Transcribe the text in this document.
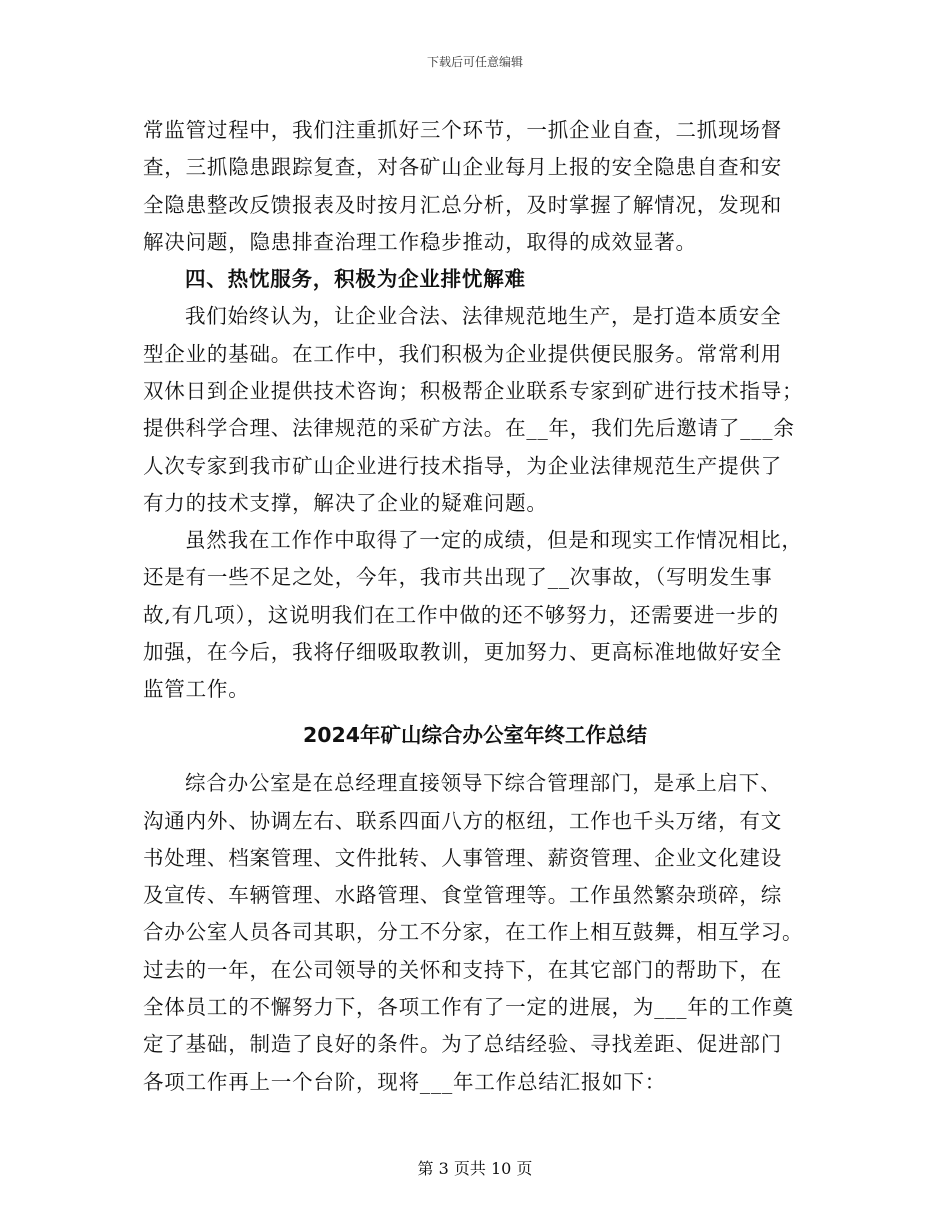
下载后可任意编辑
常监管过程中，我们注重抓好三个环节，一抓企业自查，二抓现场督
查，三抓隐患跟踪复查，对各矿山企业每月上报的安全隐患自查和安
全隐患整改反馈报表及时按月汇总分析，及时掌握了解情况，发现和
解决问题，隐患排查治理工作稳步推动，取得的成效显著。
四、热忱服务，积极为企业排忧解难
我们始终认为，让企业合法、法律规范地生产，是打造本质安全
型企业的基础。在工作中，我们积极为企业提供便民服务。常常利用
双休日到企业提供技术咨询；积极帮企业联系专家到矿进行技术指导；
提供科学合理、法律规范的采矿方法。在__年，我们先后邀请了___余
人次专家到我市矿山企业进行技术指导，为企业法律规范生产提供了
有力的技术支撑，解决了企业的疑难问题。
虽然我在工作作中取得了一定的成绩，但是和现实工作情况相比，
还是有一些不足之处，今年，我市共出现了__次事故，（写明发生事
故,有几项），这说明我们在工作中做的还不够努力，还需要进一步的
加强，在今后，我将仔细吸取教训，更加努力、更高标准地做好安全
监管工作。
2024年矿山综合办公室年终工作总结
综合办公室是在总经理直接领导下综合管理部门，是承上启下、
沟通内外、协调左右、联系四面八方的枢纽，工作也千头万绪，有文
书处理、档案管理、文件批转、人事管理、薪资管理、企业文化建设
及宣传、车辆管理、水路管理、食堂管理等。工作虽然繁杂琐碎，综
合办公室人员各司其职，分工不分家，在工作上相互鼓舞，相互学习。
过去的一年，在公司领导的关怀和支持下，在其它部门的帮助下，在
全体员工的不懈努力下，各项工作有了一定的进展，为___年的工作奠
定了基础，制造了良好的条件。为了总结经验、寻找差距、促进部门
各项工作再上一个台阶，现将___年工作总结汇报如下：
第 3 页共 10 页
